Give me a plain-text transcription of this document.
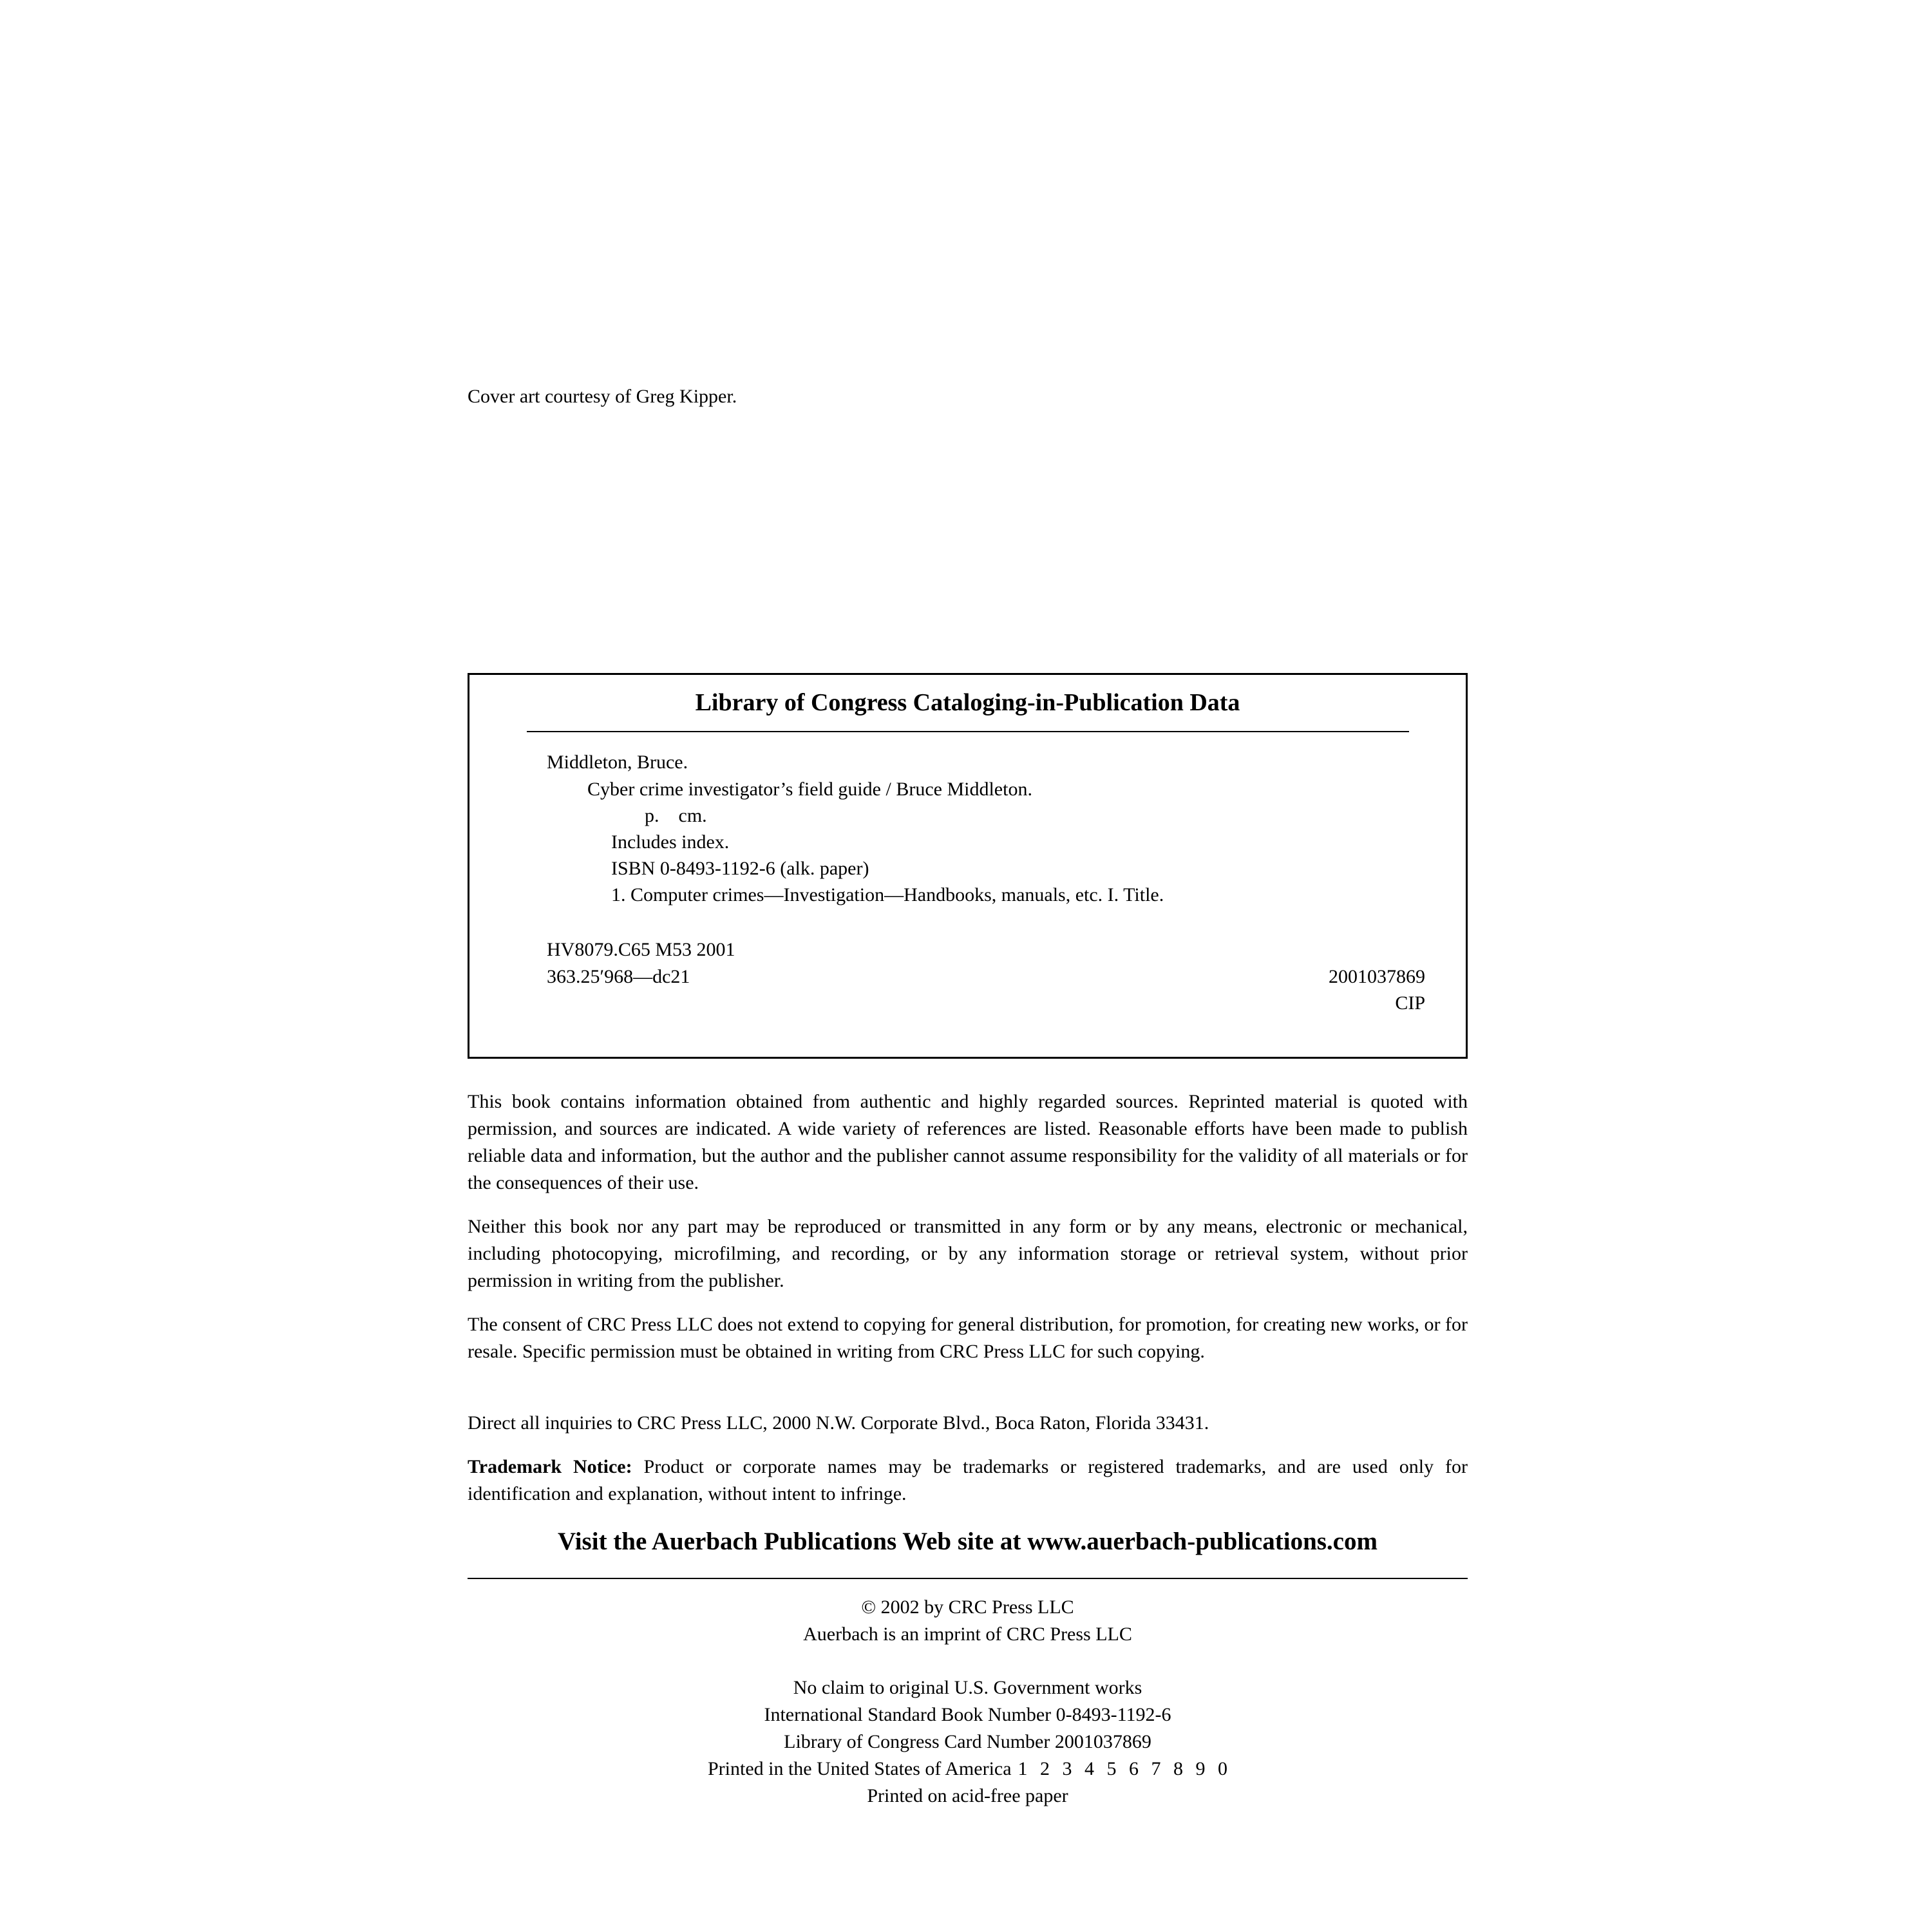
Cover art courtesy of Greg Kipper.
Library of Congress Cataloging-in-Publication Data
Middleton, Bruce.
Cyber crime investigator’s field guide / Bruce Middleton.
p.    cm.
Includes index.
ISBN 0-8493-1192-6 (alk. paper)
1. Computer crimes—Investigation—Handbooks, manuals, etc. I. Title.
HV8079.C65 M53 2001
363.25′968—dc21	2001037869
CIP

This book contains information obtained from authentic and highly regarded sources. Reprinted material is quoted with permission, and sources are indicated. A wide variety of references are listed. Reasonable efforts have been made to publish reliable data and information, but the author and the publisher cannot assume responsibility for the validity of all materials or for the consequences of their use.

Neither this book nor any part may be reproduced or transmitted in any form or by any means, electronic or mechanical, including photocopying, microfilming, and recording, or by any information storage or retrieval system, without prior permission in writing from the publisher.

The consent of CRC Press LLC does not extend to copying for general distribution, for promotion, for creating new works, or for resale. Specific permission must be obtained in writing from CRC Press LLC for such copying.

Direct all inquiries to CRC Press LLC, 2000 N.W. Corporate Blvd., Boca Raton, Florida 33431.

Trademark Notice: Product or corporate names may be trademarks or registered trademarks, and are used only for identification and explanation, without intent to infringe.

Visit the Auerbach Publications Web site at www.auerbach-publications.com
© 2002 by CRC Press LLC
Auerbach is an imprint of CRC Press LLC
No claim to original U.S. Government works
International Standard Book Number 0-8493-1192-6
Library of Congress Card Number 2001037869
Printed in the United States of America 1 2 3 4 5 6 7 8 9 0
Printed on acid-free paper
